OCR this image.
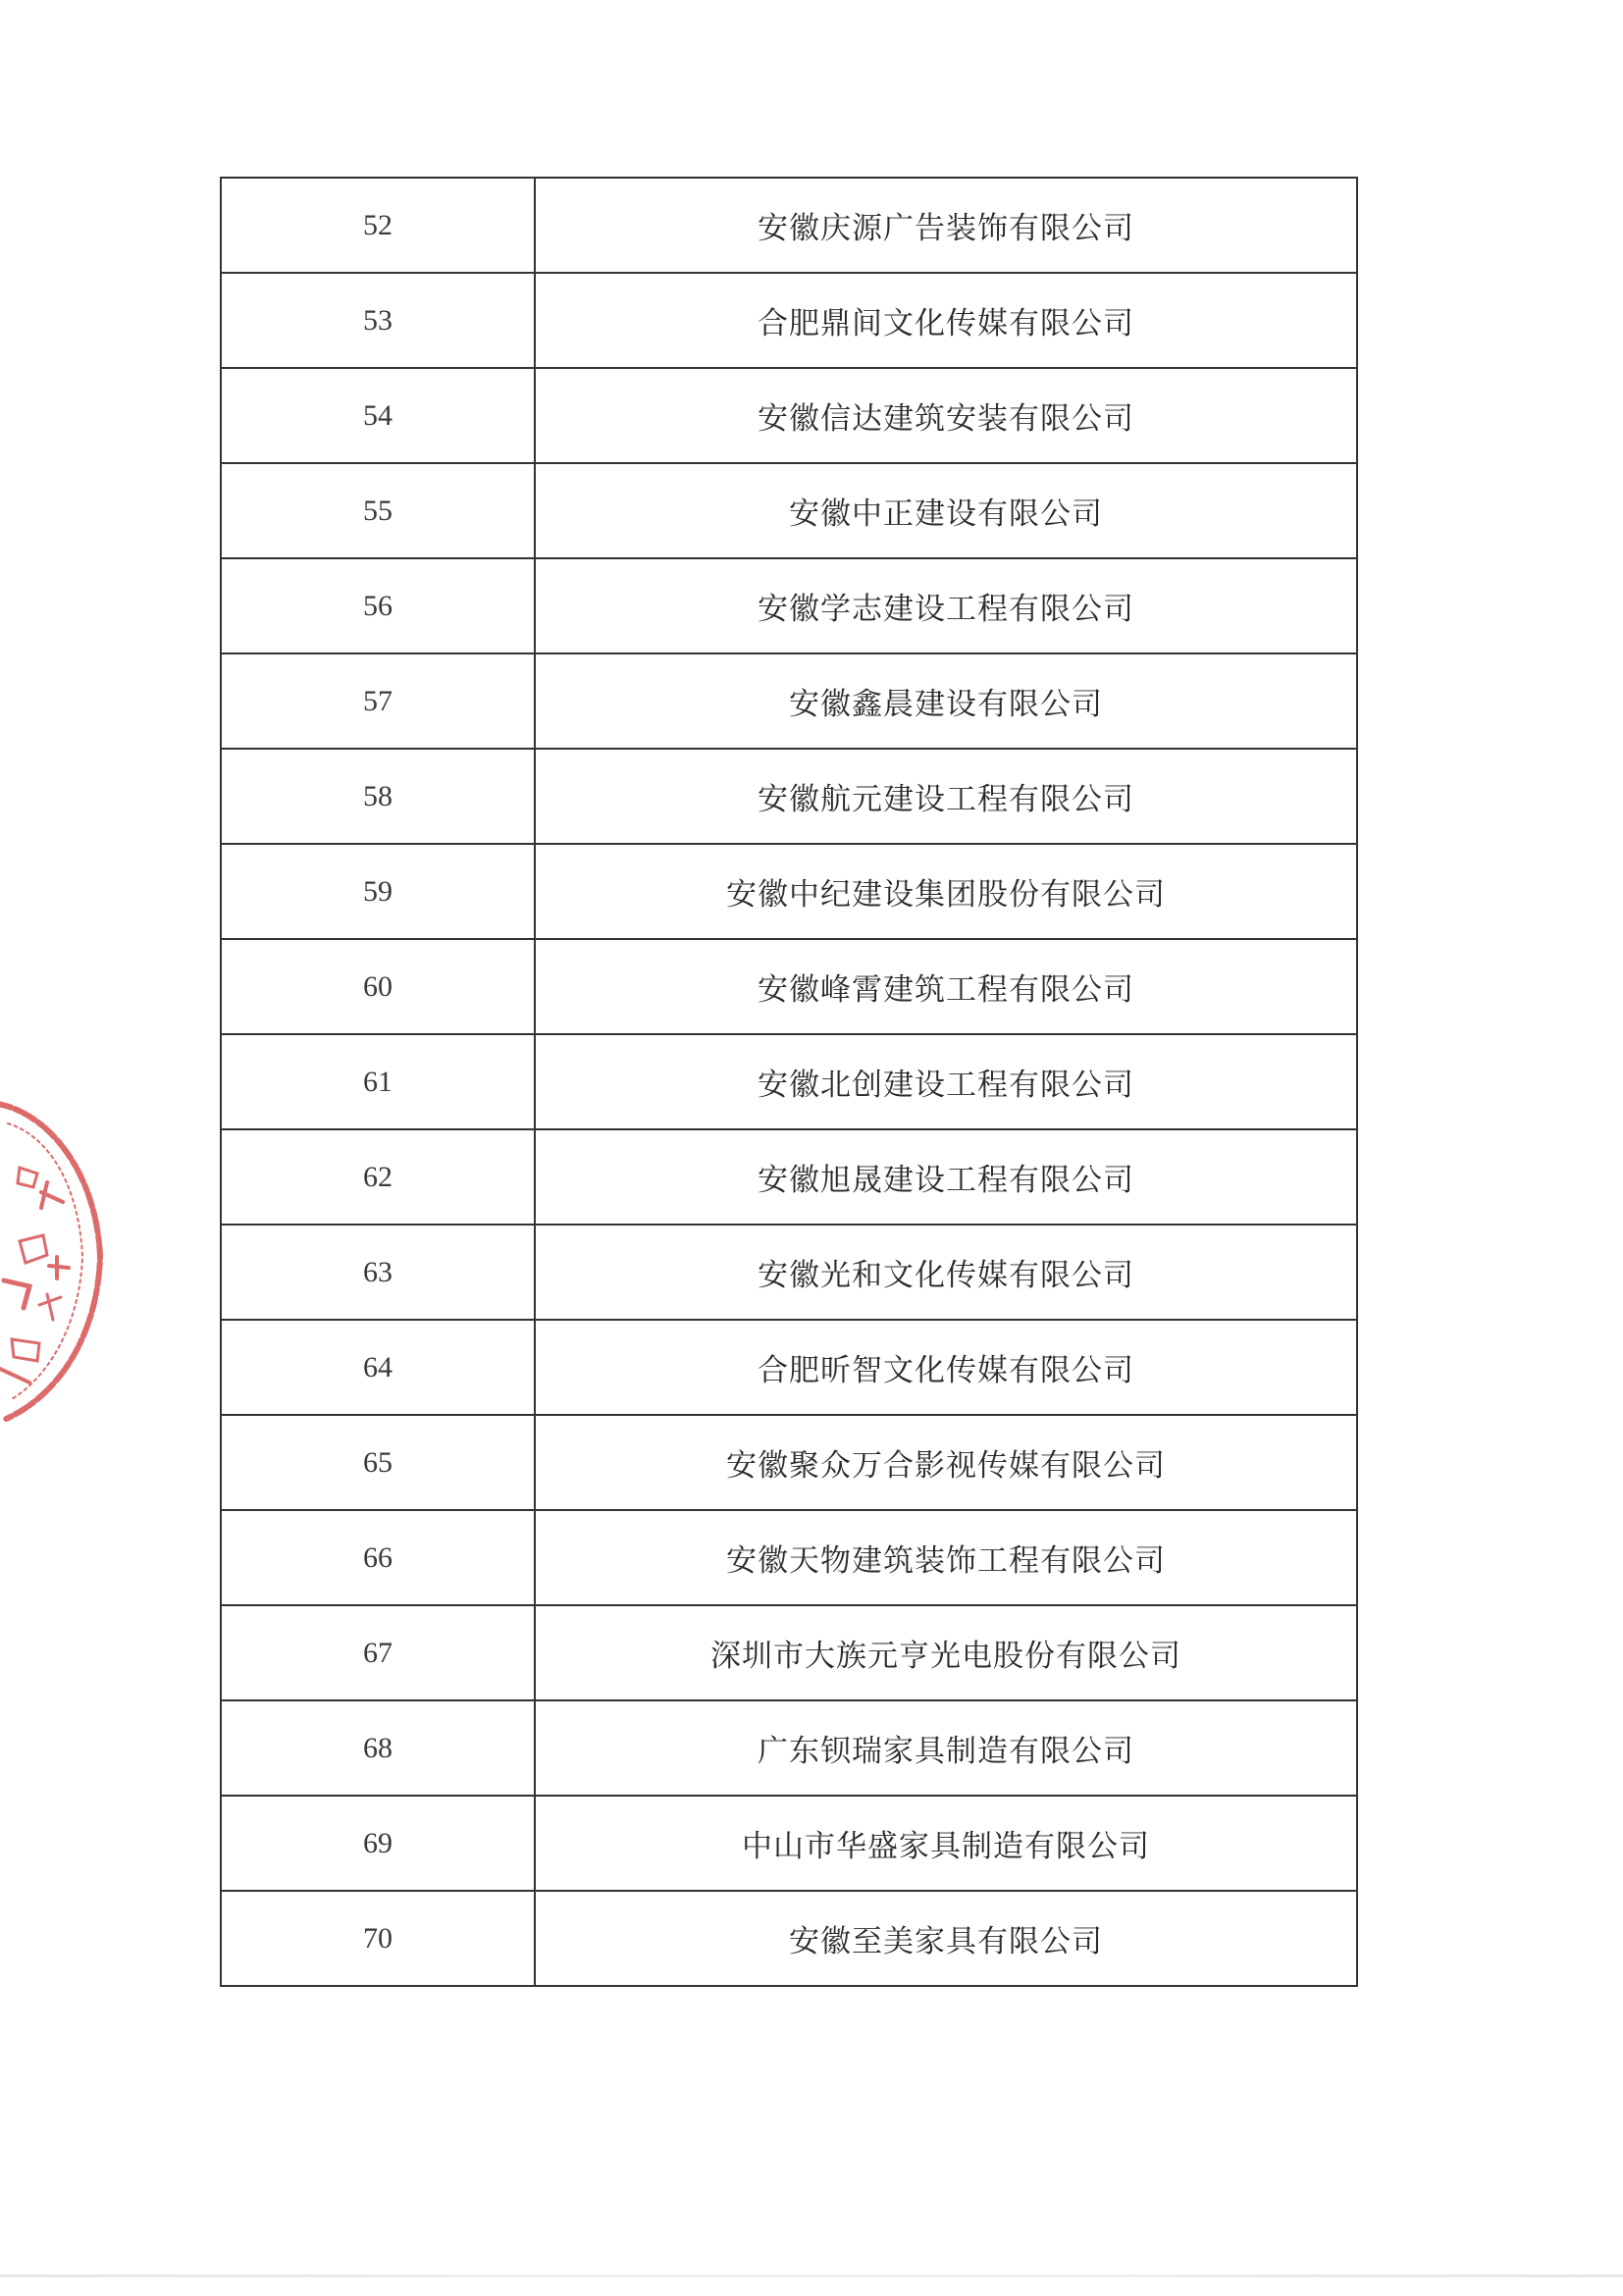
52	安徽庆源广告装饰有限公司
53	合肥鼎间文化传媒有限公司
54	安徽信达建筑安装有限公司
55	安徽中正建设有限公司
56	安徽学志建设工程有限公司
57	安徽鑫晨建设有限公司
58	安徽航元建设工程有限公司
59	安徽中纪建设集团股份有限公司
60	安徽峰霄建筑工程有限公司
61	安徽北创建设工程有限公司
62	安徽旭晟建设工程有限公司
63	安徽光和文化传媒有限公司
64	合肥昕智文化传媒有限公司
65	安徽聚众万合影视传媒有限公司
66	安徽天物建筑装饰工程有限公司
67	深圳市大族元亨光电股份有限公司
68	广东钡瑞家具制造有限公司
69	中山市华盛家具制造有限公司
70	安徽至美家具有限公司
